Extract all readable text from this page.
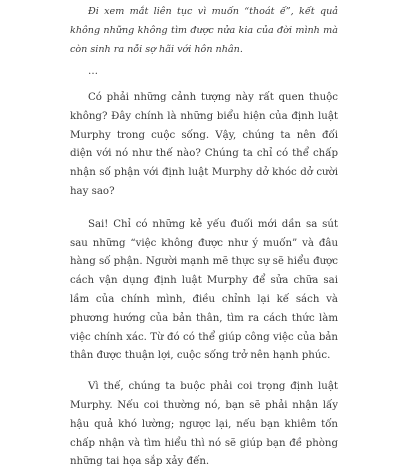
Đi xem mắt liên tục vì muốn “thoát ế”, kết quả không những không tìm được nửa kia của đời mình mà còn sinh ra nỗi sợ hãi với hôn nhân.

…

Có phải những cảnh tượng này rất quen thuộc không? Đây chính là những biểu hiện của định luật Murphy trong cuộc sống. Vậy, chúng ta nên đối diện với nó như thế nào? Chúng ta chỉ có thể chấp nhận số phận với định luật Murphy dở khóc dở cười hay sao?

Sai! Chỉ có những kẻ yếu đuối mới dần sa sút sau những “việc không được như ý muốn” và đâu hàng số phận. Người mạnh mẽ thực sự sẽ hiểu được cách vận dụng định luật Murphy để sửa chữa sai lầm của chính mình, điều chỉnh lại kế sách và phương hướng của bản thân, tìm ra cách thức làm việc chính xác. Từ đó có thể giúp công việc của bản thân được thuận lợi, cuộc sống trở nên hạnh phúc.

Vì thế, chúng ta buộc phải coi trọng định luật Murphy. Nếu coi thường nó, bạn sẽ phải nhận lấy hậu quả khó lường; ngược lại, nếu bạn khiêm tốn chấp nhận và tìm hiểu thì nó sẽ giúp bạn đề phòng những tai họa sắp xảy đến.
